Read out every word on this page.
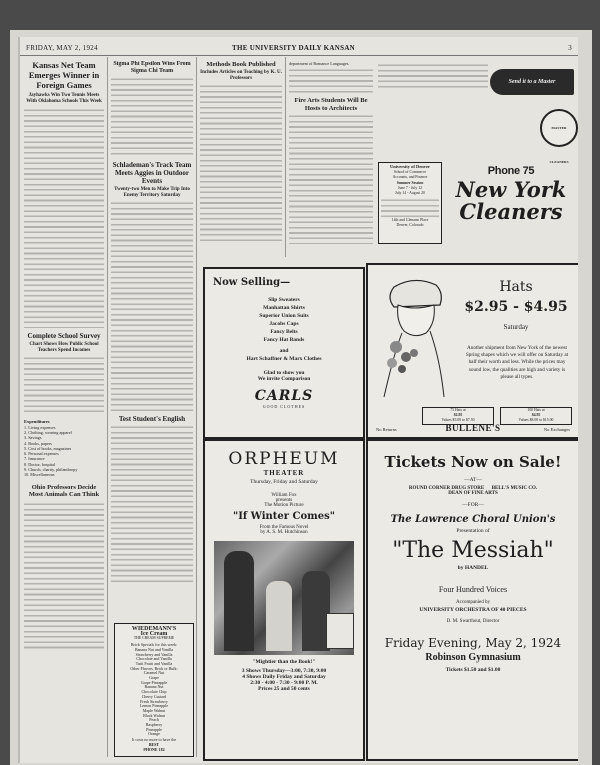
FRIDAY, MAY 2, 1924	THE UNIVERSITY DAILY KANSAN	3
Kansas Net Team Emerges Winner in Foreign Games
Jayhawks Win Two Tennis Meets With Oklahoma Schools This Week
Complete School Survey
Chart Shows How Public School Teachers Spend Incomes
Expenditures
1. Living expenses
2. Clothing, wearing apparel
3. Savings
4. Books, papers
5. Cost of books, magazines
6. Personal expenses
7. Insurance
8. Doctor, hospital
9. Church, charity, philanthropy
10. Miscellaneous
Ohio Professors Decide Most Animals Can Think
Sigma Phi Epsilon Wins From Sigma Chi Team
Schlademan's Track Team Meets Aggies in Outdoor Events
Twenty-two Men to Make Trip Into Enemy Territory Saturday
Test Student's English
Methods Book Published
Includes Articles on Teaching by K. U. Professors
department of Romance Languages.
Fire Arts Students Will Be Hosts to Architects
Send it to a Master
MASTER CLEANERS
University of Denver
School of Commerce
Accounts, and Finance
Summer Session
June 7 - July 12
July 14 - August 20
14th and Glenarm Place
Denver, Colorado
Phone 75
New York
Cleaners
Now Selling—
Slip Sweaters
Manhattan Shirts
Superior Union Suits
Jacobs Caps
Fancy Belts
Fancy Hat Bands
and
Hart Schaffner & Marx Clothes
Glad to show you
We invite Comparison
CARLS
GOOD CLOTHES
Hats
$2.95 - $4.95
Saturday
Another shipment from New York of the newest Spring shapes which we will offer on Saturday at half their worth and less. While the prices may sound low, the qualities are high and variety is please all types.
75 Hats at
$2.95
Values $5.00 to $7.50
100 Hats at
$4.95
Values $8.00 to $15.00
No Returns	BULLENE'S	No Exchanges
ORPHEUM
THEATER
Thursday, Friday and Saturday
William Fox
presents
The Motion Picture
"If Winter Comes"
From the Famous Novel
by A. S. M. Hutchinson
"Mightier than the Book!"
3 Shows Thursday—3:00, 7:30, 9:00
4 Shows Daily Friday and Saturday
2:30 - 4:00 - 7:30 - 9:00 P. M.
Prices 25 and 50 cents
WIEDEMANN'S
Ice Cream
THE CREAM SUPREME
Brick Specials for this week:
Banana Nut and Vanilla
Strawberry and Vanilla
Chocolate and Vanilla
Tutti Frutti and Vanilla
Other Flavors, Brick or Bulk:
Caramel Nut
Grape
Grape Pineapple
Banana Nut
Chocolate Chip
Cherry Custard
Fresh Strawberry
Lemon Pineapple
Maple Walnut
Black Walnut
Peach
Raspberry
Pineapple
Orange
It costs no more to have the
BEST
PHONE 182
Tickets Now on Sale!
—AT—
ROUND CORNER DRUG STORE      BELL'S MUSIC CO.
DEAN OF FINE ARTS
—FOR—
The Lawrence Choral Union's
Presentation of
"The Messiah"
by HANDEL
Four Hundred Voices
Accompanied by
UNIVERSITY ORCHESTRA OF 40 PIECES
D. M. Swarthout, Director
Friday Evening, May 2, 1924
Robinson Gymnasium
Tickets $1.50 and $1.00
